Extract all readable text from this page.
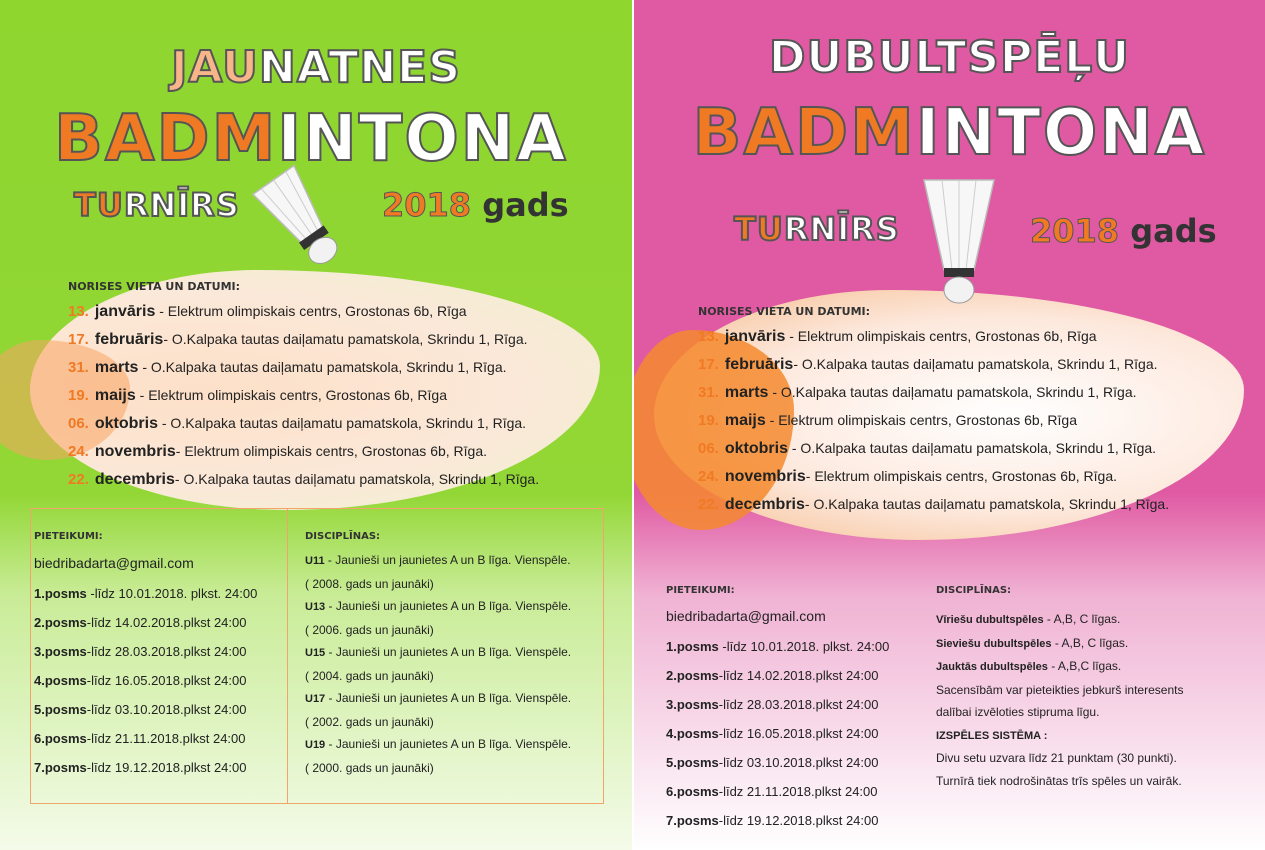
JAUNATNES
BADMINTONA
TURNĪRS	2018 gads
NORISES VIETA UN DATUMI:
13. janvāris - Elektrum olimpiskais centrs, Grostonas 6b, Rīga
17. februāris- O.Kalpaka tautas daiļamatu pamatskola, Skrindu 1, Rīga.
31. marts - O.Kalpaka tautas daiļamatu pamatskola, Skrindu 1, Rīga.
19. maijs - Elektrum olimpiskais centrs, Grostonas 6b, Rīga
06. oktobris - O.Kalpaka tautas daiļamatu pamatskola, Skrindu 1, Rīga.
24. novembris- Elektrum olimpiskais centrs, Grostonas 6b, Rīga.
22. decembris- O.Kalpaka tautas daiļamatu pamatskola, Skrindu 1, Rīga.
PIETEIKUMI:
biedribadarta@gmail.com
1.posms -līdz 10.01.2018. plkst. 24:00
2.posms-līdz 14.02.2018.plkst 24:00
3.posms-līdz 28.03.2018.plkst 24:00
4.posms-līdz 16.05.2018.plkst 24:00
5.posms-līdz 03.10.2018.plkst 24:00
6.posms-līdz 21.11.2018.plkst 24:00
7.posms-līdz 19.12.2018.plkst 24:00
DISCIPLĪNAS:
U11 - Jaunieši un jaunietes A un B līga. Vienspēle.
( 2008. gads un jaunāki)
U13 - Jaunieši un jaunietes A un B līga. Vienspēle.
( 2006. gads un jaunāki)
U15 - Jaunieši un jaunietes A un B līga. Vienspēle.
( 2004. gads un jaunāki)
U17 - Jaunieši un jaunietes A un B līga. Vienspēle.
( 2002. gads un jaunāki)
U19 - Jaunieši un jaunietes A un B līga. Vienspēle.
( 2000. gads un jaunāki)
DUBULTSPĒĻU
BADMINTONA
TURNĪRS	2018 gads
NORISES VIETA UN DATUMI:
13. janvāris - Elektrum olimpiskais centrs, Grostonas 6b, Rīga
17. februāris- O.Kalpaka tautas daiļamatu pamatskola, Skrindu 1, Rīga.
31. marts - O.Kalpaka tautas daiļamatu pamatskola, Skrindu 1, Rīga.
19. maijs - Elektrum olimpiskais centrs, Grostonas 6b, Rīga
06. oktobris - O.Kalpaka tautas daiļamatu pamatskola, Skrindu 1, Rīga.
24. novembris- Elektrum olimpiskais centrs, Grostonas 6b, Rīga.
22. decembris- O.Kalpaka tautas daiļamatu pamatskola, Skrindu 1, Rīga.
PIETEIKUMI:
biedribadarta@gmail.com
1.posms -līdz 10.01.2018. plkst. 24:00
2.posms-līdz 14.02.2018.plkst 24:00
3.posms-līdz 28.03.2018.plkst 24:00
4.posms-līdz 16.05.2018.plkst 24:00
5.posms-līdz 03.10.2018.plkst 24:00
6.posms-līdz 21.11.2018.plkst 24:00
7.posms-līdz 19.12.2018.plkst 24:00
DISCIPLĪNAS:
Vīriešu dubultspēles - A,B, C līgas.
Sieviešu dubultspēles - A,B, C līgas.
Jauktās dubultspēles - A,B,C līgas.
Sacensībām var pieteikties jebkurš interesents
dalībai izvēloties stipruma līgu.
IZSPĒLES SISTĒMA :
Divu setu uzvara līdz 21 punktam (30 punkti).
Turnīrā tiek nodrošinātas trīs spēles un vairāk.
